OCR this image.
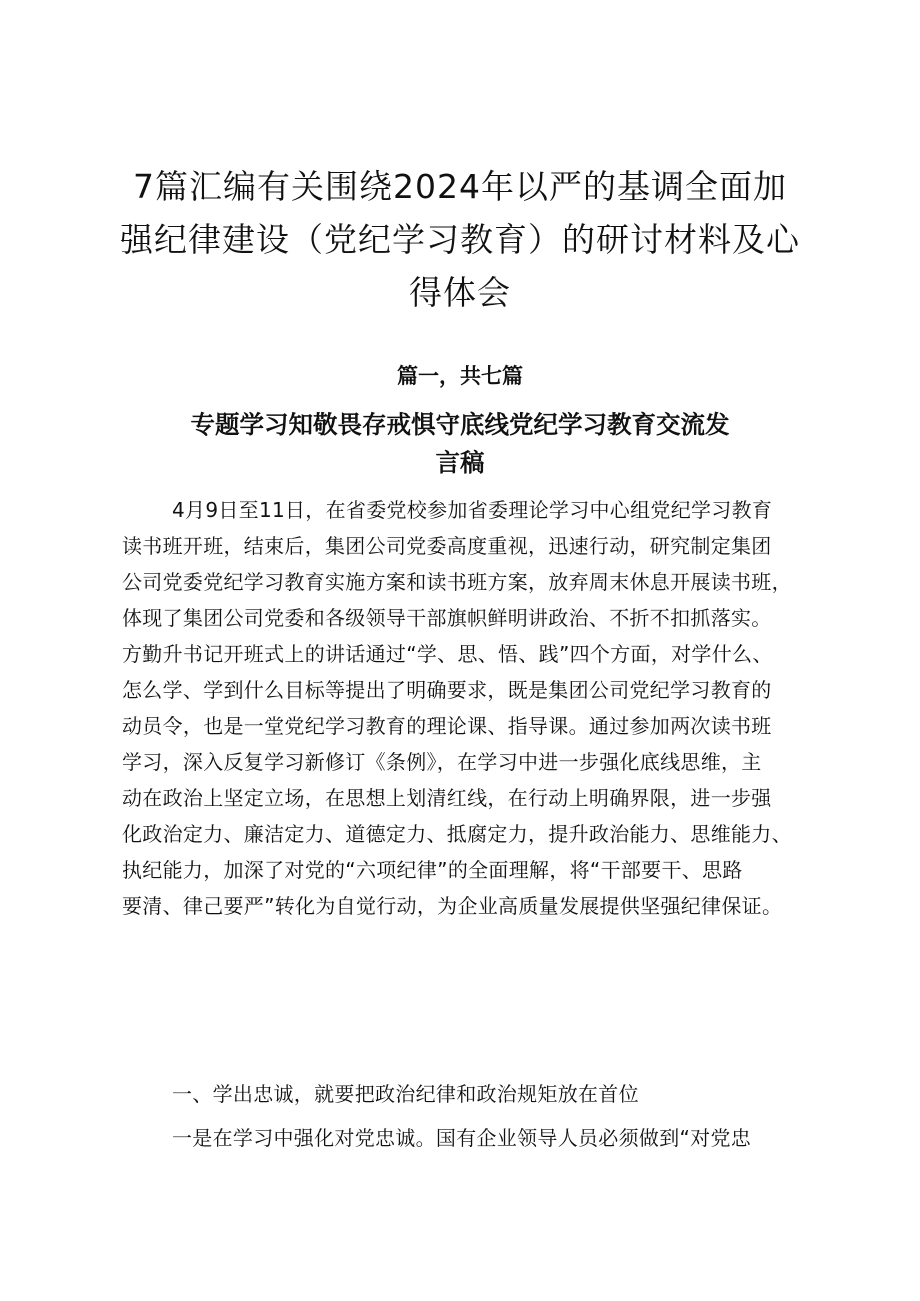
7篇汇编有关围绕2024年以严的基调全面加
强纪律建设（党纪学习教育）的研讨材料及心
得体会
篇一，共七篇
专题学习知敬畏存戒惧守底线党纪学习教育交流发
言稿
4月9日至11日，在省委党校参加省委理论学习中心组党纪学习教育
读书班开班，结束后，集团公司党委高度重视，迅速行动，研究制定集团
公司党委党纪学习教育实施方案和读书班方案，放弃周末休息开展读书班，
体现了集团公司党委和各级领导干部旗帜鲜明讲政治、不折不扣抓落实。
方勤升书记开班式上的讲话通过“学、思、悟、践”四个方面，对学什么、
怎么学、学到什么目标等提出了明确要求，既是集团公司党纪学习教育的
动员令，也是一堂党纪学习教育的理论课、指导课。通过参加两次读书班
学习，深入反复学习新修订《条例》，在学习中进一步强化底线思维，主
动在政治上坚定立场，在思想上划清红线，在行动上明确界限，进一步强
化政治定力、廉洁定力、道德定力、抵腐定力，提升政治能力、思维能力、
执纪能力，加深了对党的“六项纪律”的全面理解，将“干部要干、思路
要清、律己要严”转化为自觉行动，为企业高质量发展提供坚强纪律保证。
一、学出忠诚，就要把政治纪律和政治规矩放在首位
一是在学习中强化对党忠诚。国有企业领导人员必须做到“对党忠
